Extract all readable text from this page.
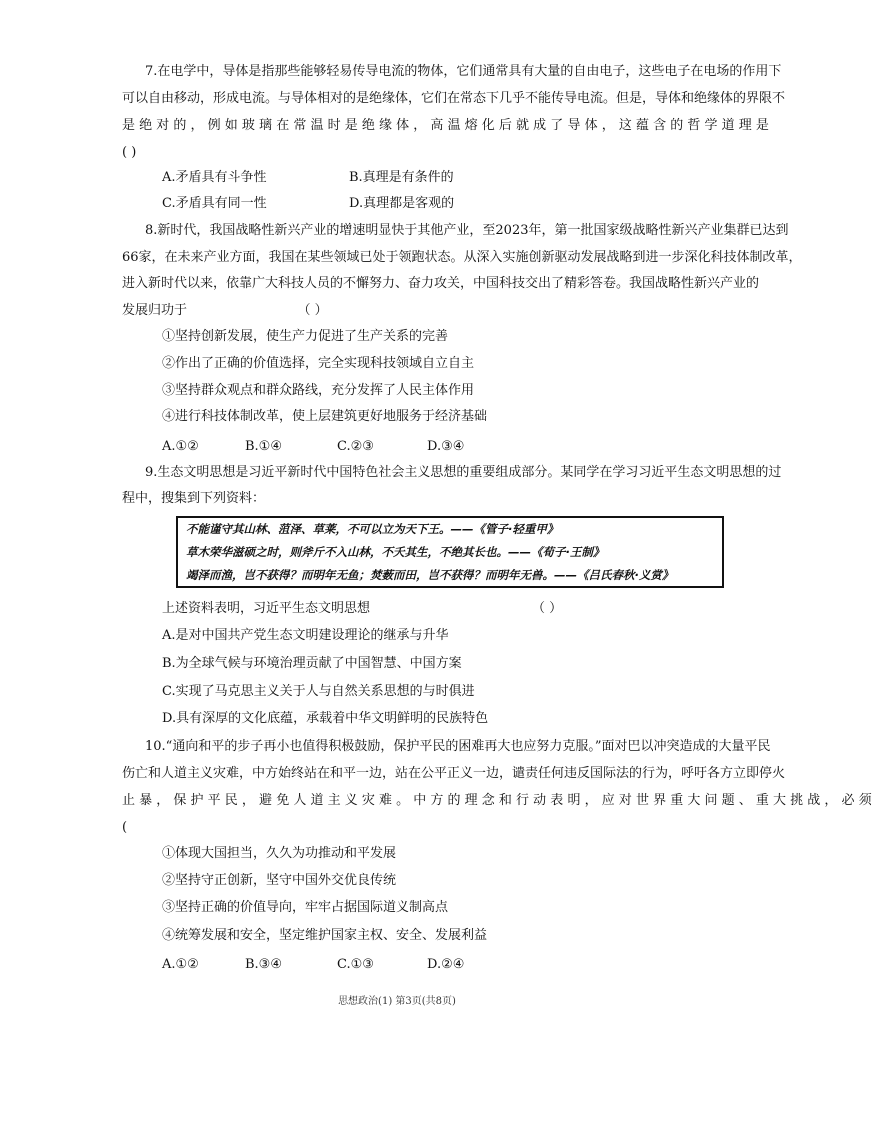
7.在电学中，导体是指那些能够轻易传导电流的物体，它们通常具有大量的自由电子，这些电子在电场的作用下
可以自由移动，形成电流。与导体相对的是绝缘体，它们在常态下几乎不能传导电流。但是，导体和绝缘体的界限不
是 绝 对 的 ， 例 如 玻 璃 在 常 温 时 是 绝 缘 体 ， 高 温 熔 化 后 就 成 了 导 体 ， 这 蕴 含 的 哲 学 道 理 是
( )
A.矛盾具有斗争性	B.真理是有条件的
C.矛盾具有同一性	D.真理都是客观的
8.新时代，我国战略性新兴产业的增速明显快于其他产业，至2023年，第一批国家级战略性新兴产业集群已达到
66家，在未来产业方面，我国在某些领域已处于领跑状态。从深入实施创新驱动发展战略到进一步深化科技体制改革，
进入新时代以来，依靠广大科技人员的不懈努力、奋力攻关，中国科技交出了精彩答卷。我国战略性新兴产业的
发展归功于　　　　　　　　　（ ）
①坚持创新发展，使生产力促进了生产关系的完善
②作出了正确的价值选择，完全实现科技领域自立自主
③坚持群众观点和群众路线，充分发挥了人民主体作用
④进行科技体制改革，使上层建筑更好地服务于经济基础
A.①②	B.①④	C.②③	D.③④
9.生态文明思想是习近平新时代中国特色社会主义思想的重要组成部分。某同学在学习习近平生态文明思想的过
程中，搜集到下列资料：
不能谨守其山林、菹泽、草莱，不可以立为天下王。——《管子·轻重甲》
草木荣华滋硕之时，则斧斤不入山林，不夭其生，不绝其长也。——《荀子·王制》
竭泽而渔，岂不获得？而明年无鱼；焚薮而田，岂不获得？而明年无兽。——《吕氏春秋·义赏》
上述资料表明，习近平生态文明思想	（ ）
A.是对中国共产党生态文明建设理论的继承与升华
B.为全球气候与环境治理贡献了中国智慧、中国方案
C.实现了马克思主义关于人与自然关系思想的与时俱进
D.具有深厚的文化底蕴，承载着中华文明鲜明的民族特色
10.“通向和平的步子再小也值得积极鼓励，保护平民的困难再大也应努力克服。”面对巴以冲突造成的大量平民
伤亡和人道主义灾难，中方始终站在和平一边，站在公平正义一边，谴责任何违反国际法的行为，呼吁各方立即停火
止 暴 ， 保 护 平 民 ， 避 免 人 道 主 义 灾 难 。 中 方 的 理 念 和 行 动 表 明 ， 应 对 世 界 重 大 问 题 、 重 大 挑 战 ， 必 须
(
①体现大国担当，久久为功推动和平发展
②坚持守正创新，坚守中国外交优良传统
③坚持正确的价值导向，牢牢占据国际道义制高点
④统筹发展和安全，坚定维护国家主权、安全、发展利益
A.①②	B.③④	C.①③	D.②④
思想政治(1) 第3页(共8页)
